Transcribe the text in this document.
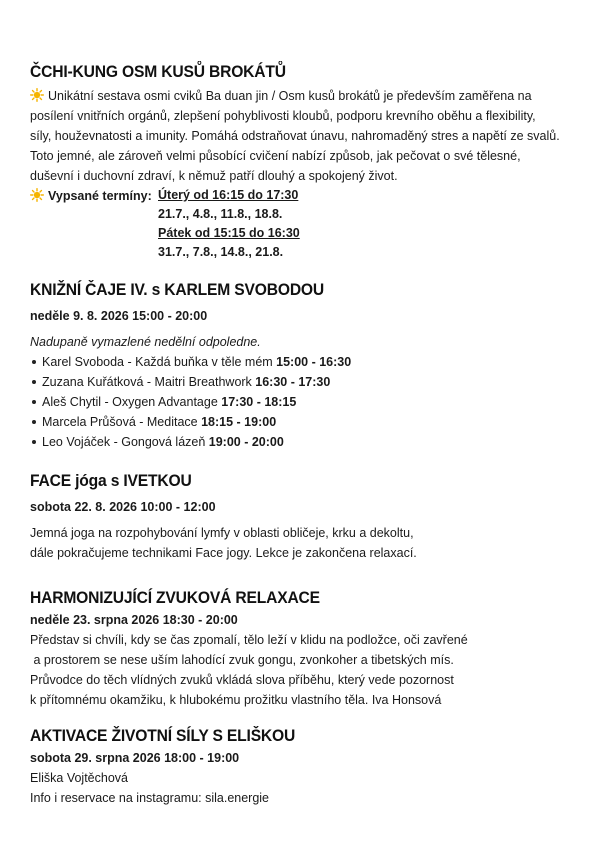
ČCHI-KUNG OSM KUSŮ BROKÁTŮ
Unikátní sestava osmi cviků Ba duan jin / Osm kusů brokátů je především zaměřena na
posílení vnitřních orgánů, zlepšení pohyblivosti kloubů, podporu krevního oběhu a flexibility,
síly, houževnatosti a imunity. Pomáhá odstraňovat únavu, nahromaděný stres a napětí ze svalů.
Toto jemné, ale zároveň velmi působící cvičení nabízí způsob, jak pečovat o své tělesné,
duševní i duchovní zdraví, k němuž patří dlouhý a spokojený život.
Vypsané termíny: Úterý od 16:15 do 17:30
21.7., 4.8., 11.8., 18.8.
Pátek od 15:15 do 16:30
31.7., 7.8., 14.8., 21.8.
KNIŽNÍ ČAJE IV. s KARLEM SVOBODOU
neděle 9. 8. 2026 15:00 - 20:00
Nadupaně vymazlené nedělní odpoledne.
Karel Svoboda - Každá buňka v těle mém 15:00 - 16:30
Zuzana Kuřátková - Maitri Breathwork 16:30 - 17:30
Aleš Chytil - Oxygen Advantage 17:30 - 18:15
Marcela Průšová - Meditace 18:15 - 19:00
Leo Vojáček - Gongová lázeň 19:00 - 20:00
FACE jóga s IVETKOU
sobota 22. 8. 2026 10:00 - 12:00
Jemná joga na rozpohybování lymfy v oblasti obličeje, krku a dekoltu,
dále pokračujeme technikami Face jogy. Lekce je zakončena relaxací.
HARMONIZUJÍCÍ ZVUKOVÁ RELAXACE
neděle 23. srpna 2026 18:30 - 20:00
Představ si chvíli, kdy se čas zpomalí, tělo leží v klidu na podložce, oči zavřené
a prostorem se nese uším lahodící zvuk gongu, zvonkoher a tibetských mís.
Průvodce do těch vlídných zvuků vkládá slova příběhu, který vede pozornost
k přítomnému okamžiku, k hlubokému prožitku vlastního těla. Iva Honsová
AKTIVACE ŽIVOTNÍ SÍLY S ELIŠKOU
sobota 29. srpna 2026 18:00 - 19:00
Eliška Vojtěchová
Info i reservace na instagramu: sila.energie
